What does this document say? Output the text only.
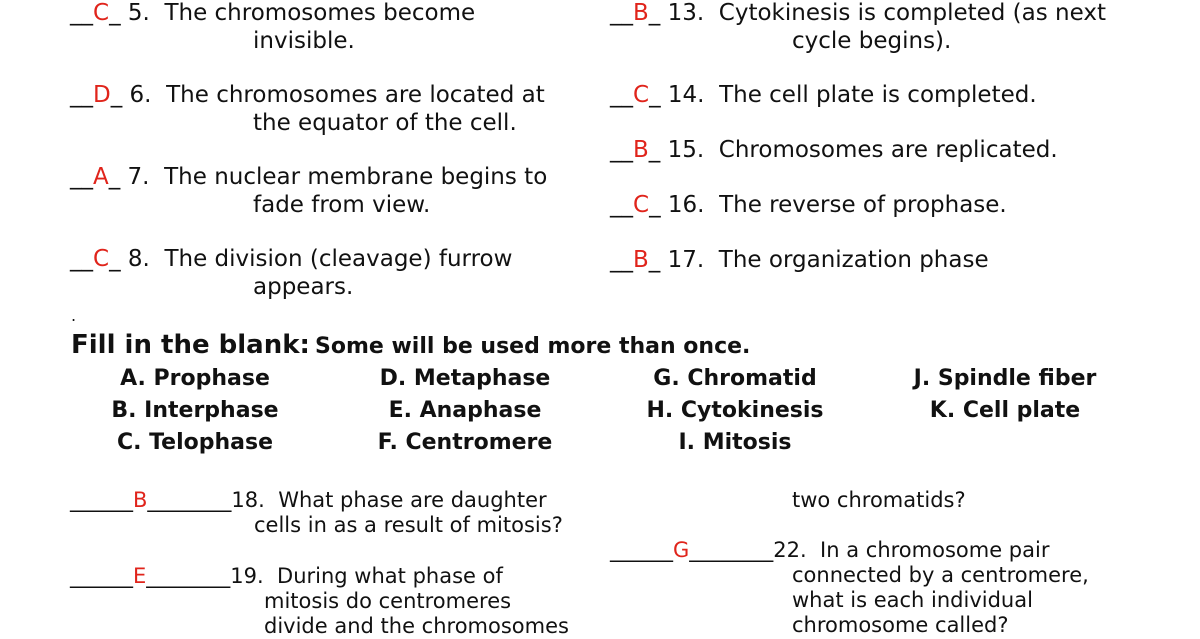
__C_ 5. The chromosomes become
invisible.
__D_ 6. The chromosomes are located at
the equator of the cell.
__A_ 7. The nuclear membrane begins to
fade from view.
__C_ 8. The division (cleavage) furrow
appears.
__B_ 13. Cytokinesis is completed (as next
cycle begins).
__C_ 14. The cell plate is completed.
__B_ 15. Chromosomes are replicated.
__C_ 16. The reverse of prophase.
__B_ 17. The organization phase
.
Fill in the blank: Some will be used more than once.
A. Prophase
B. Interphase
C. Telophase
D. Metaphase
E. Anaphase
F. Centromere
G. Chromatid
H. Cytokinesis
I. Mitosis
J. Spindle fiber
K. Cell plate
______B________18. What phase are daughter
cells in as a result of mitosis?
______E________19. During what phase of
mitosis do centromeres
divide and the chromosomes
two chromatids?
______G________22. In a chromosome pair
connected by a centromere,
what is each individual
chromosome called?
